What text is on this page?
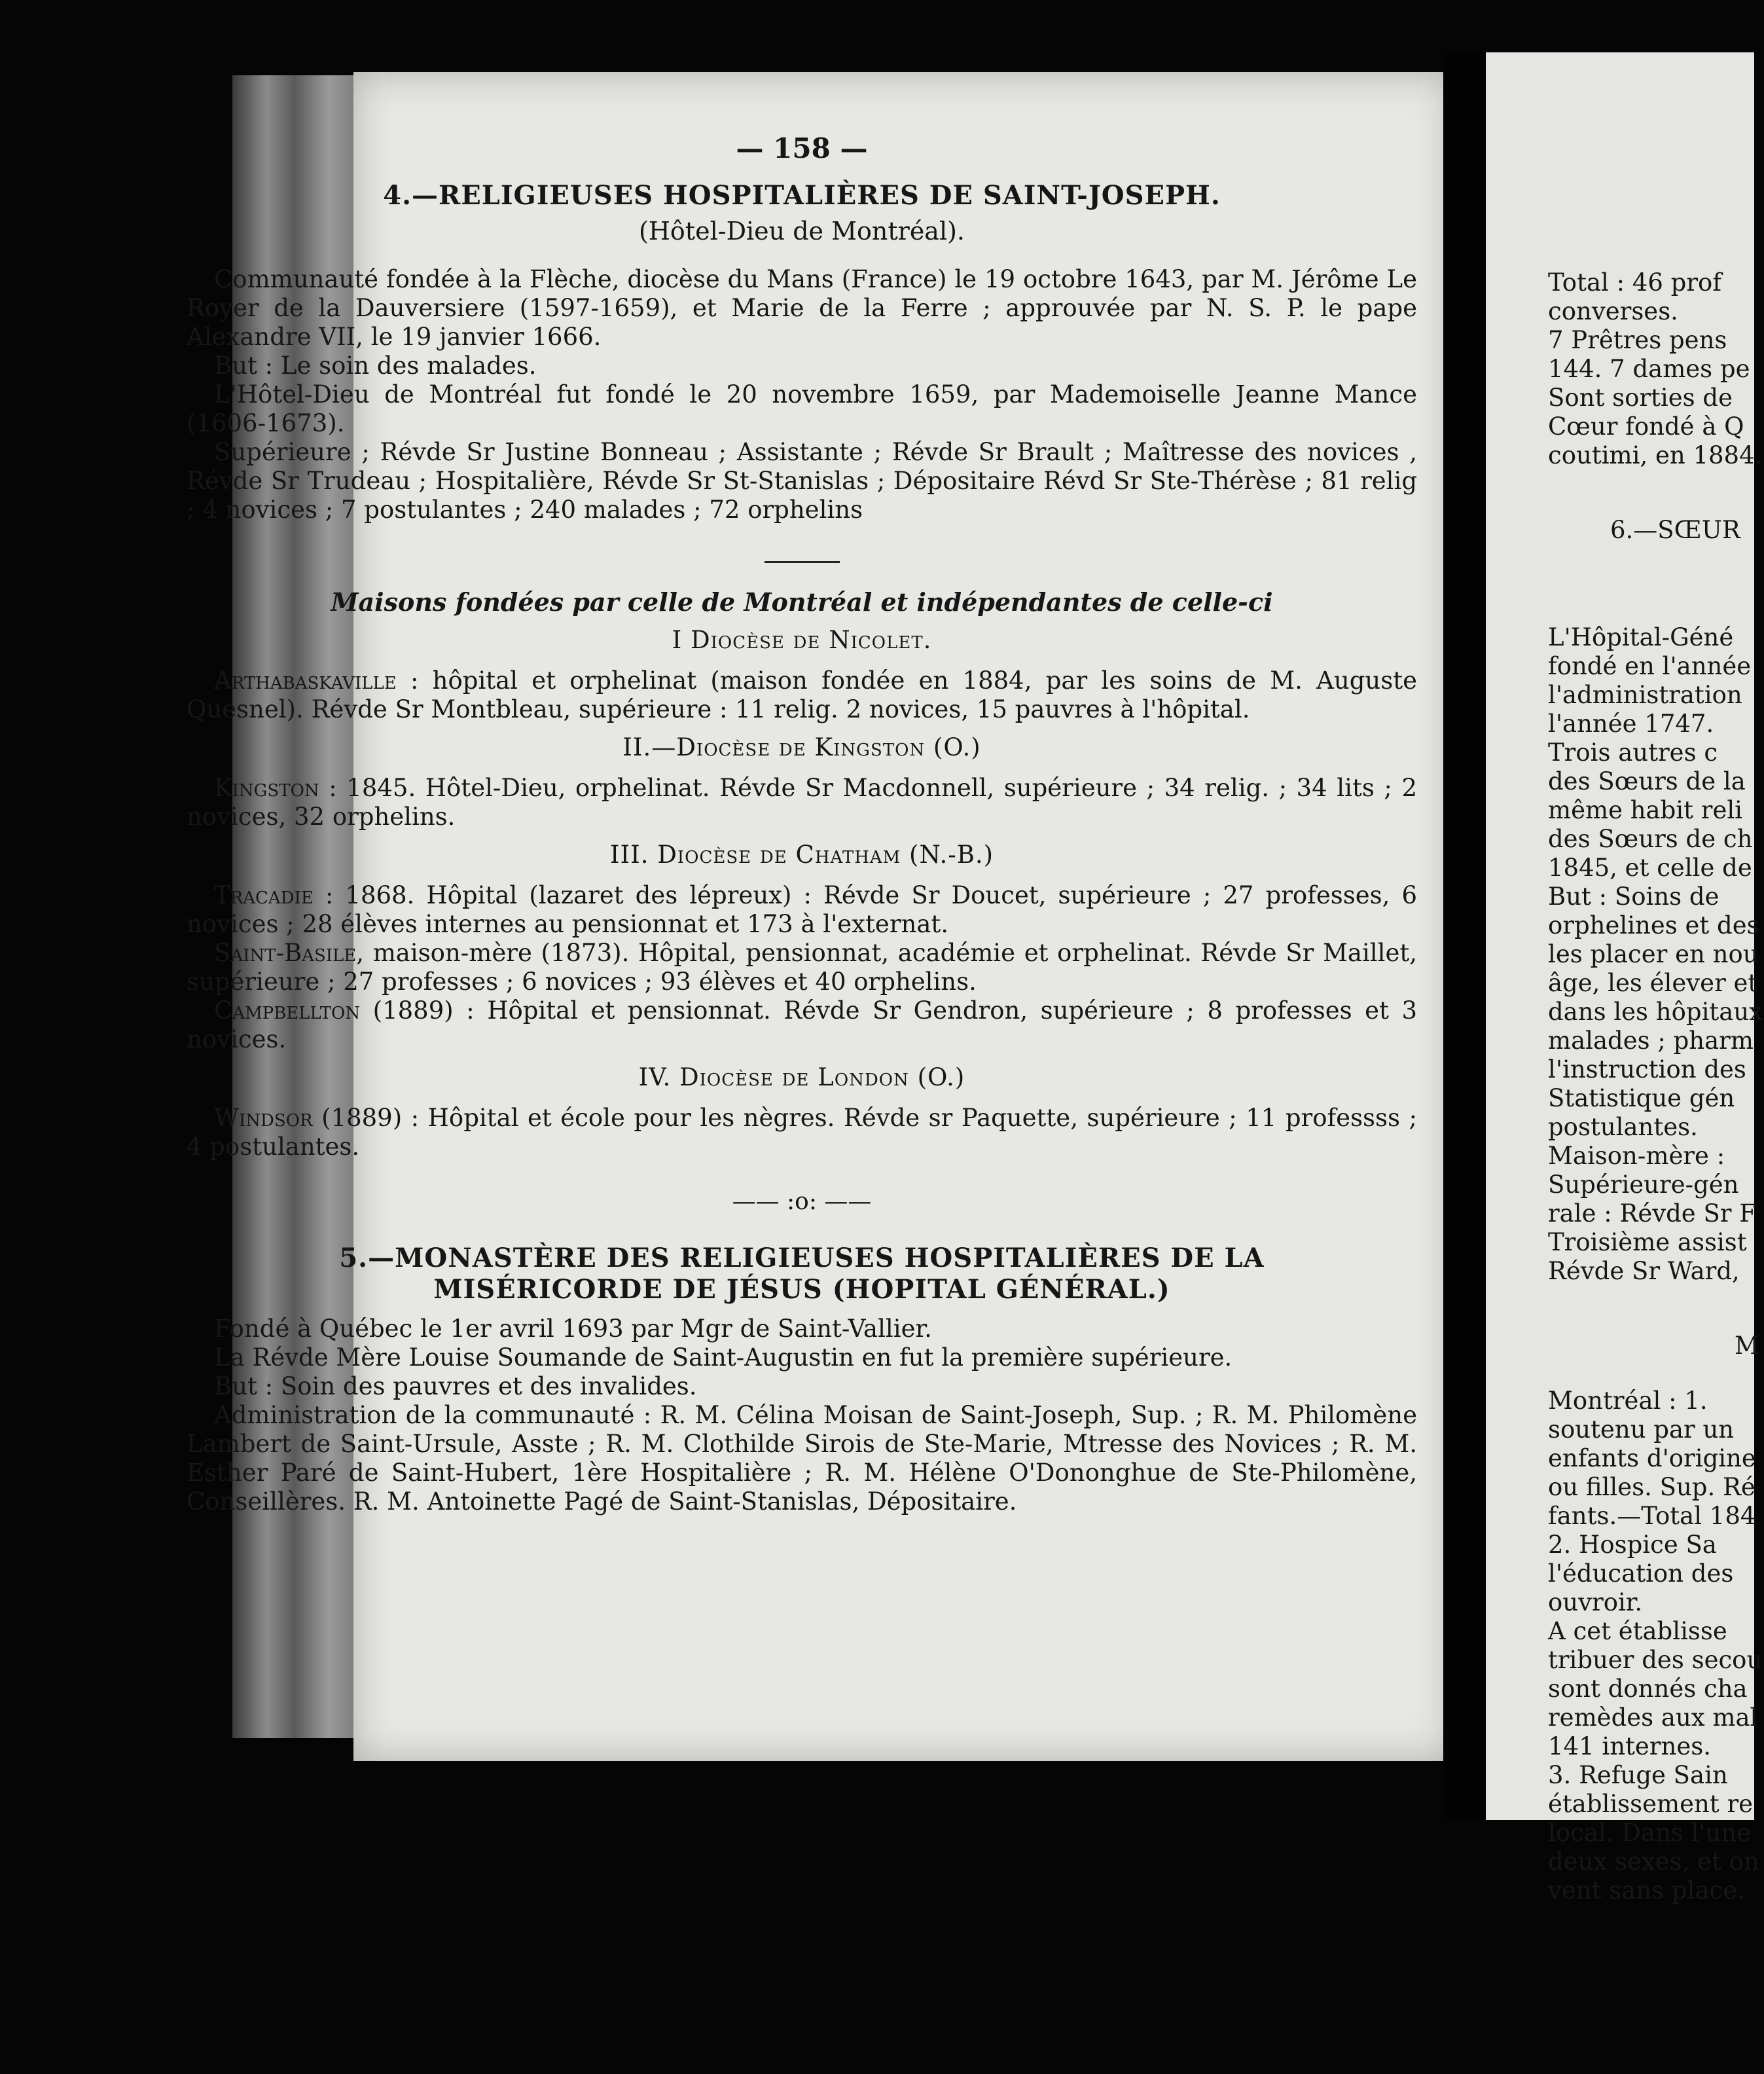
— 158 —
4.—RELIGIEUSES HOSPITALIÈRES DE SAINT-JOSEPH.
(Hôtel-Dieu de Montréal).

Communauté fondée à la Flèche, diocèse du Mans (France) le 19 octobre 1643, par M. Jérôme Le Royer de la Dauversiere (1597-1659), et Marie de la Ferre ; approuvée par N. S. P. le pape Alexandre VII, le 19 janvier 1666.

But : Le soin des malades.

L'Hôtel-Dieu de Montréal fut fondé le 20 novembre 1659, par Mademoiselle Jeanne Mance (1606-1673).

Supérieure ; Révde Sr Justine Bonneau ; Assistante ; Révde Sr Brault ; Maîtresse des novices , Révde Sr Trudeau ; Hospitalière, Révde Sr St-Stanislas ; Dépositaire Révd Sr Ste-Thérèse ; 81 relig ; 4 novices ; 7 postulantes ; 240 malades ; 72 orphelins

Maisons fondées par celle de Montréal et indépendantes de celle-ci
I Diocèse de Nicolet.

Arthabaskaville : hôpital et orphelinat (maison fondée en 1884, par les soins de M. Auguste Quesnel). Révde Sr Montbleau, supérieure : 11 relig. 2 novices, 15 pauvres à l'hôpital.

II.—Diocèse de Kingston (O.)

Kingston : 1845. Hôtel-Dieu, orphelinat. Révde Sr Macdonnell, supérieure ; 34 relig. ; 34 lits ; 2 novices, 32 orphelins.

III. Diocèse de Chatham (N.-B.)

Tracadie : 1868. Hôpital (lazaret des lépreux) : Révde Sr Doucet, supérieure ; 27 professes, 6 novices ; 28 élèves internes au pensionnat et 173 à l'externat.

Saint-Basile, maison-mère (1873). Hôpital, pensionnat, académie et orphelinat. Révde Sr Maillet, supérieure ; 27 professes ; 6 novices ; 93 élèves et 40 orphelins.

Campbellton (1889) : Hôpital et pensionnat. Révde Sr Gendron, supérieure ; 8 professes et 3 novices.

IV. Diocèse de London (O.)

Windsor (1889) : Hôpital et école pour les nègres. Révde sr Paquette, supérieure ; 11 professss ; 4 postulantes.

—— :o: ——
5.—MONASTÈRE DES RELIGIEUSES HOSPITALIÈRES DE LA
MISÉRICORDE DE JÉSUS (HOPITAL GÉNÉRAL.)

Fondé à Québec le 1er avril 1693 par Mgr de Saint-Vallier.

La Révde Mère Louise Soumande de Saint-Augustin en fut la première supérieure.

But : Soin des pauvres et des invalides.

Administration de la communauté : R. M. Célina Moisan de Saint-Joseph, Sup. ; R. M. Philomène Lambert de Saint-Ursule, Asste ; R. M. Clothilde Sirois de Ste-Marie, Mtresse des Novices ; R. M. Esther Paré de Saint-Hubert, 1ère Hospitalière ; R. M. Hélène O'Dononghue de Ste-Philomène, Conseillères. R. M. Antoinette Pagé de Saint-Stanislas, Dépositaire.

Total : 46 prof
converses.
7 Prêtres pens
144. 7 dames pe
Sont sorties de
Cœur fondé à Q
coutimi, en 1884.
6.—SŒUR
L'Hôpital-Géné
fondé en l'année
l'administration
l'année 1747.
Trois autres c
des Sœurs de la
même habit reli
des Sœurs de ch
1845, et celle de
But : Soins de
orphelines et des
les placer en nou
âge, les élever et
dans les hôpitaux
malades ; pharm
l'instruction des
Statistique gén
postulantes.
Maison-mère :
Supérieure-gén
rale : Révde Sr F
Troisième assist
Révde Sr Ward,
M
Montréal : 1.
soutenu par un
enfants d'origine
ou filles. Sup. Ré
fants.—Total 184
2. Hospice Sa
l'éducation des
ouvroir.
A cet établisse
tribuer des secou
sont donnés cha
remèdes aux mal
141 internes.
3. Refuge Sain
établissement re
local. Dans l'une
deux sexes, et on
vent sans place.
